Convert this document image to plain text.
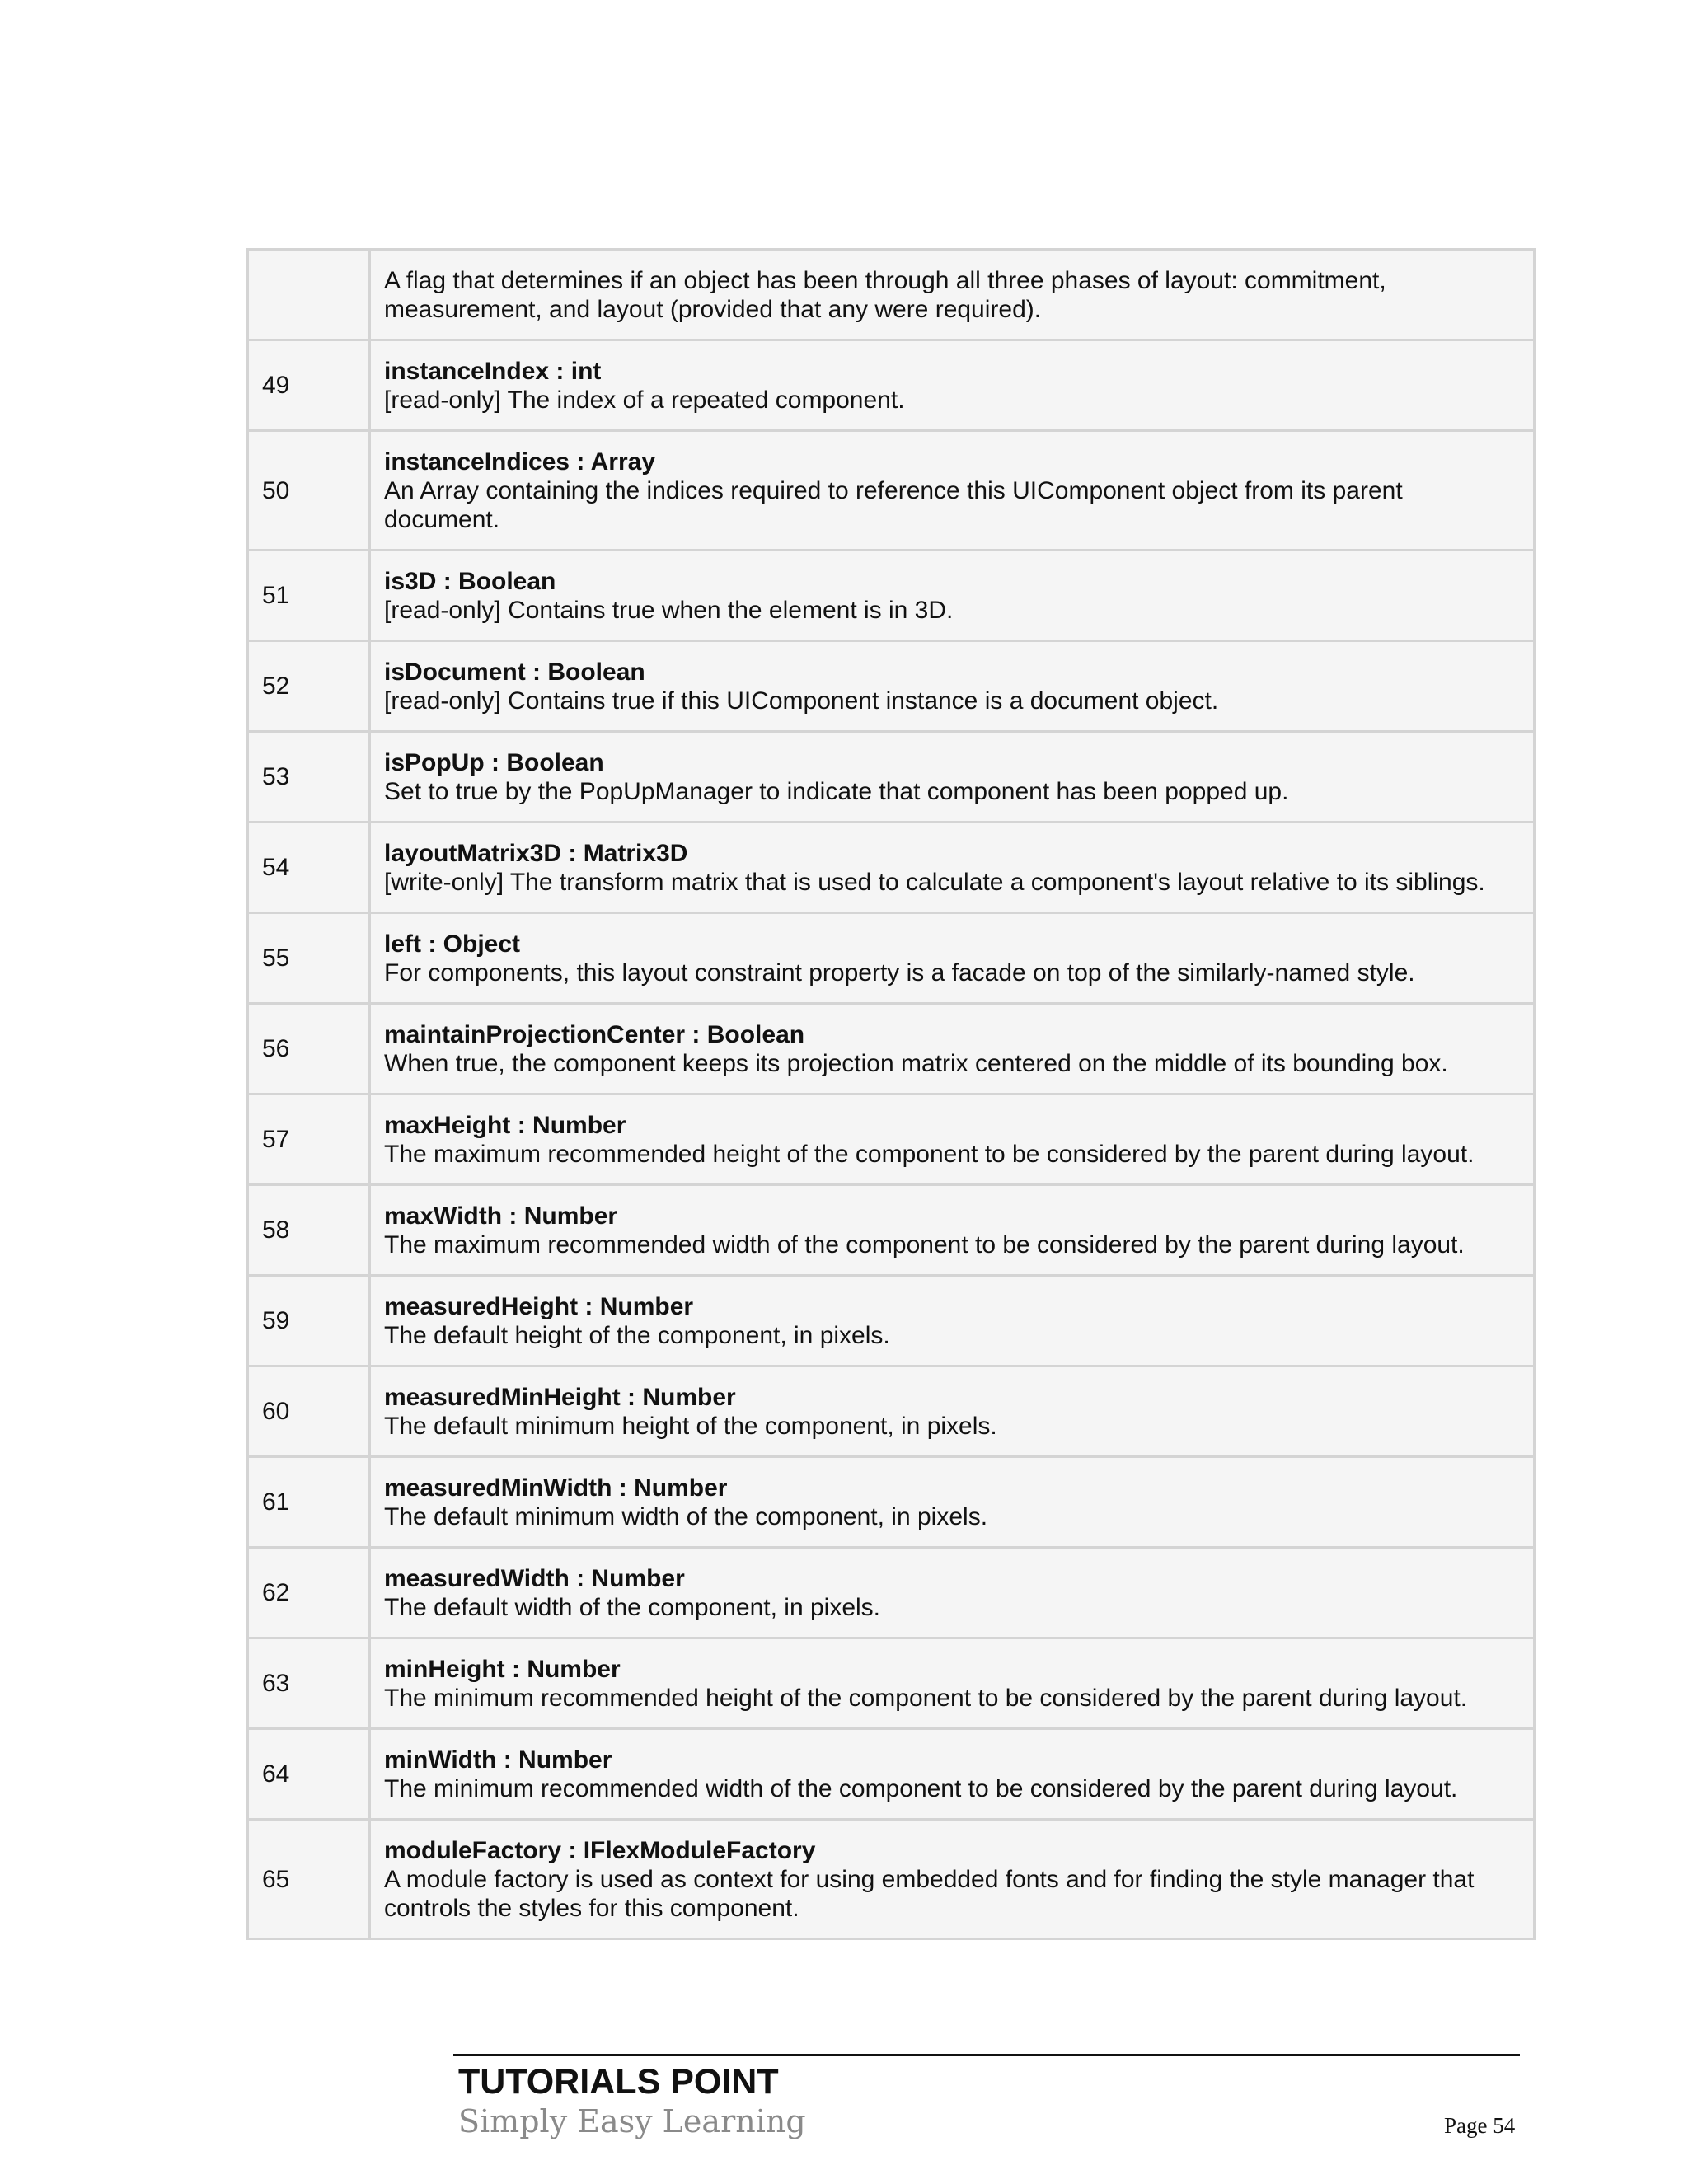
	A flag that determines if an object has been through all three phases of layout: commitment, measurement, and layout (provided that any were required).

49	instanceIndex : int
[read-only] The index of a repeated component.

50	instanceIndices : Array
An Array containing the indices required to reference this UIComponent object from its parent document.

51	is3D : Boolean
[read-only] Contains true when the element is in 3D.

52	isDocument : Boolean
[read-only] Contains true if this UIComponent instance is a document object.

53	isPopUp : Boolean
Set to true by the PopUpManager to indicate that component has been popped up.

54	layoutMatrix3D : Matrix3D
[write-only] The transform matrix that is used to calculate a component's layout relative to its siblings.

55	left : Object
For components, this layout constraint property is a facade on top of the similarly-named style.

56	maintainProjectionCenter : Boolean
When true, the component keeps its projection matrix centered on the middle of its bounding box.

57	maxHeight : Number
The maximum recommended height of the component to be considered by the parent during layout.

58	maxWidth : Number
The maximum recommended width of the component to be considered by the parent during layout.

59	measuredHeight : Number
The default height of the component, in pixels.

60	measuredMinHeight : Number
The default minimum height of the component, in pixels.

61	measuredMinWidth : Number
The default minimum width of the component, in pixels.

62	measuredWidth : Number
The default width of the component, in pixels.

63	minHeight : Number
The minimum recommended height of the component to be considered by the parent during layout.

64	minWidth : Number
The minimum recommended width of the component to be considered by the parent during layout.

65	moduleFactory : IFlexModuleFactory
A module factory is used as context for using embedded fonts and for finding the style manager that controls the styles for this component.
TUTORIALS POINT
Simply Easy Learning	Page 54
